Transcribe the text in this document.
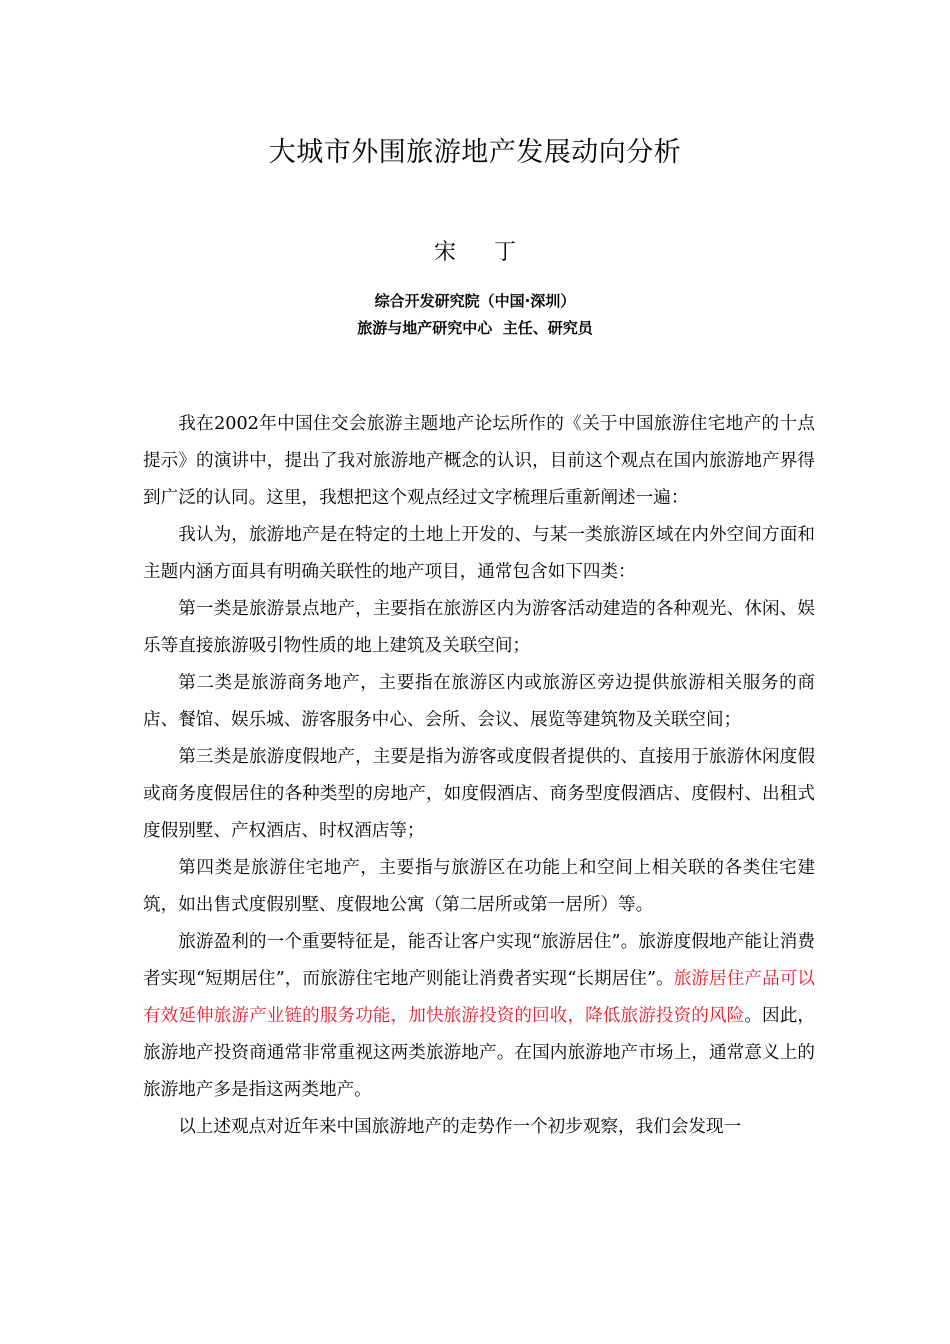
大城市外围旅游地产发展动向分析
宋 丁
综合开发研究院（中国·深圳）
旅游与地产研究中心  主任、研究员

我在2002年中国住交会旅游主题地产论坛所作的《关于中国旅游住宅地产的十点提示》的演讲中，提出了我对旅游地产概念的认识，目前这个观点在国内旅游地产界得到广泛的认同。这里，我想把这个观点经过文字梳理后重新阐述一遍：

我认为，旅游地产是在特定的土地上开发的、与某一类旅游区域在内外空间方面和主题内涵方面具有明确关联性的地产项目，通常包含如下四类：

第一类是旅游景点地产，主要指在旅游区内为游客活动建造的各种观光、休闲、娱乐等直接旅游吸引物性质的地上建筑及关联空间；

第二类是旅游商务地产，主要指在旅游区内或旅游区旁边提供旅游相关服务的商店、餐馆、娱乐城、游客服务中心、会所、会议、展览等建筑物及关联空间；

第三类是旅游度假地产，主要是指为游客或度假者提供的、直接用于旅游休闲度假或商务度假居住的各种类型的房地产，如度假酒店、商务型度假酒店、度假村、出租式度假别墅、产权酒店、时权酒店等；

第四类是旅游住宅地产，主要指与旅游区在功能上和空间上相关联的各类住宅建筑，如出售式度假别墅、度假地公寓（第二居所或第一居所）等。

旅游盈利的一个重要特征是，能否让客户实现“旅游居住”。旅游度假地产能让消费者实现“短期居住”，而旅游住宅地产则能让消费者实现“长期居住”。旅游居住产品可以有效延伸旅游产业链的服务功能，加快旅游投资的回收，降低旅游投资的风险。因此，旅游地产投资商通常非常重视这两类旅游地产。在国内旅游地产市场上，通常意义上的旅游地产多是指这两类地产。

以上述观点对近年来中国旅游地产的走势作一个初步观察，我们会发现一
